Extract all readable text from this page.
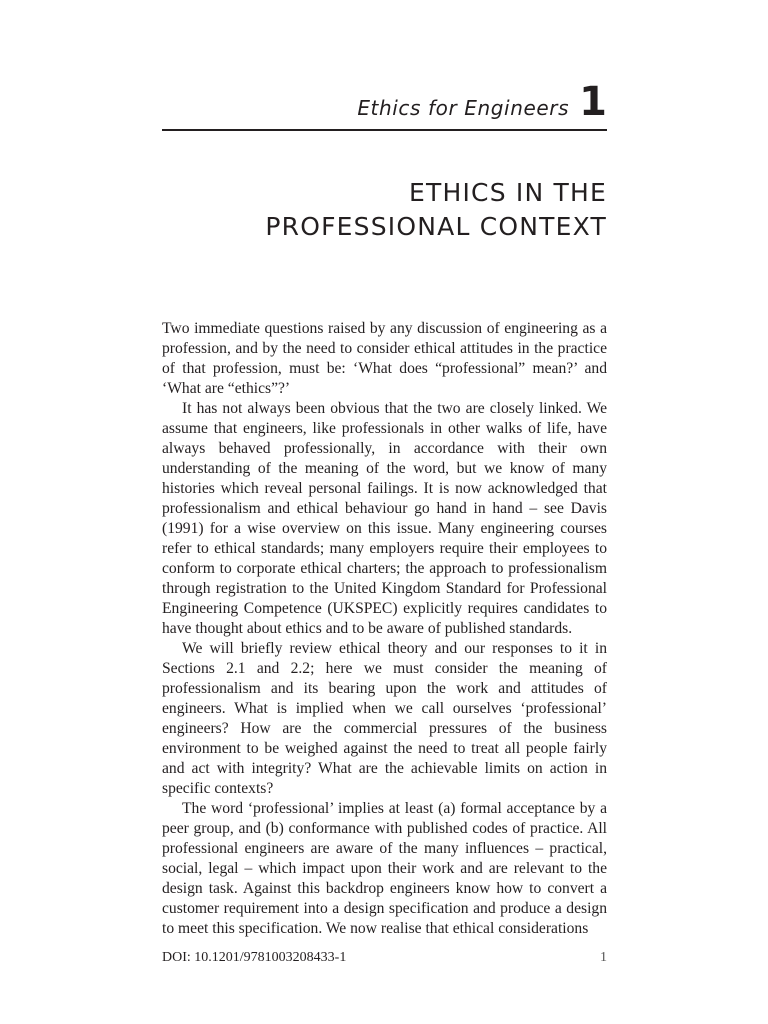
Ethics for Engineers 1
ETHICS IN THE
PROFESSIONAL CONTEXT

Two immediate questions raised by any discussion of engineering as a profession, and by the need to consider ethical attitudes in the practice of that profession, must be: ‘What does “professional” mean?’ and ‘What are “ethics”?’

It has not always been obvious that the two are closely linked. We assume that engineers, like professionals in other walks of life, have always behaved professionally, in accordance with their own understanding of the meaning of the word, but we know of many histories which reveal personal failings. It is now acknowledged that professionalism and ethical behaviour go hand in hand – see Davis (1991) for a wise overview on this issue. Many engineering courses refer to ethical standards; many employers require their employees to conform to corporate ethical charters; the approach to professionalism through registration to the United Kingdom Standard for Professional Engineering Competence (UKSPEC) explicitly requires candidates to have thought about ethics and to be aware of published standards.

We will briefly review ethical theory and our responses to it in Sections 2.1 and 2.2; here we must consider the meaning of professionalism and its bearing upon the work and attitudes of engineers. What is implied when we call ourselves ‘professional’ engineers? How are the commercial pressures of the business environment to be weighed against the need to treat all people fairly and act with integrity? What are the achievable limits on action in specific contexts?

The word ‘professional’ implies at least (a) formal acceptance by a peer group, and (b) conformance with published codes of practice. All professional engineers are aware of the many influences – practical, social, legal – which impact upon their work and are relevant to the design task. Against this backdrop engineers know how to convert a customer requirement into a design specification and produce a design to meet this specification. We now realise that ethical considerations

DOI: 10.1201/9781003208433-1	1
